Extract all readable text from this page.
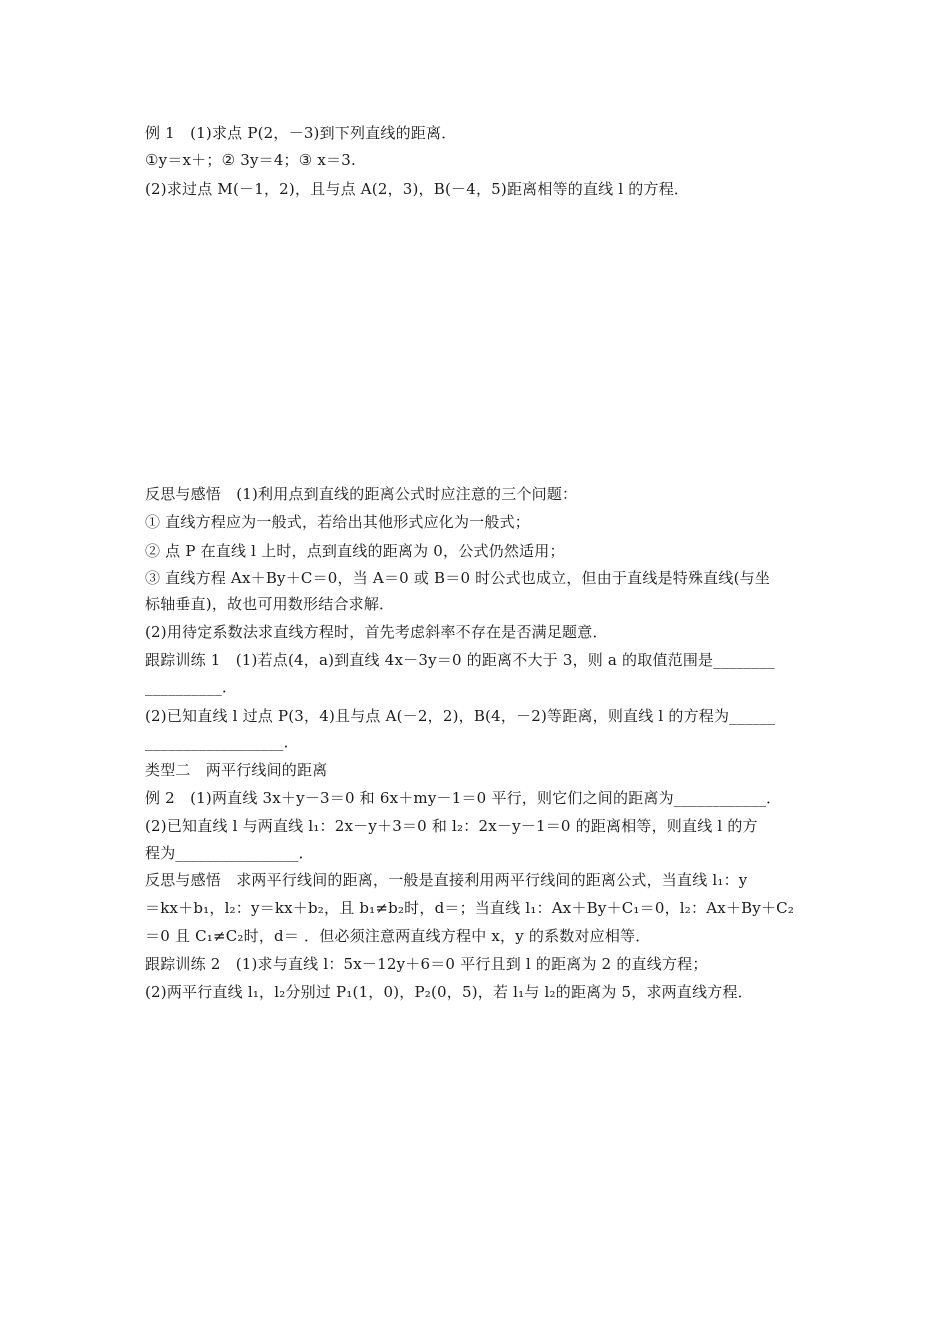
例 1　(1)求点 P(2，－3)到下列直线的距离．
①y＝x＋；② 3y＝4；③ x＝3.
(2)求过点 M(－1，2)，且与点 A(2，3)，B(－4，5)距离相等的直线 l 的方程．
反思与感悟　(1)利用点到直线的距离公式时应注意的三个问题：
① 直线方程应为一般式，若给出其他形式应化为一般式；
② 点 P 在直线 l 上时，点到直线的距离为 0，公式仍然适用；
③ 直线方程 Ax＋By＋C＝0，当 A＝0 或 B＝0 时公式也成立，但由于直线是特殊直线(与坐
标轴垂直)，故也可用数形结合求解．
(2)用待定系数法求直线方程时，首先考虑斜率不存在是否满足题意．
跟踪训练 1　(1)若点(4，a)到直线 4x－3y＝0 的距离不大于 3，则 a 的取值范围是________
__________．
(2)已知直线 l 过点 P(3，4)且与点 A(－2，2)，B(4，－2)等距离，则直线 l 的方程为______
__________________．
类型二　两平行线间的距离
例 2　(1)两直线 3x＋y－3＝0 和 6x＋my－1＝0 平行，则它们之间的距离为____________．
(2)已知直线 l 与两直线 l₁：2x－y＋3＝0 和 l₂：2x－y－1＝0 的距离相等，则直线 l 的方
程为________________．
反思与感悟　求两平行线间的距离，一般是直接利用两平行线间的距离公式，当直线 l₁：y
＝kx＋b₁，l₂：y＝kx＋b₂，且 b₁≠b₂时，d＝；当直线 l₁：Ax＋By＋C₁＝0，l₂：Ax＋By＋C₂
＝0 且 C₁≠C₂时，d＝ ．但必须注意两直线方程中 x，y 的系数对应相等．
跟踪训练 2　(1)求与直线 l：5x－12y＋6＝0 平行且到 l 的距离为 2 的直线方程；
(2)两平行直线 l₁，l₂分别过 P₁(1，0)，P₂(0，5)，若 l₁与 l₂的距离为 5，求两直线方程．
